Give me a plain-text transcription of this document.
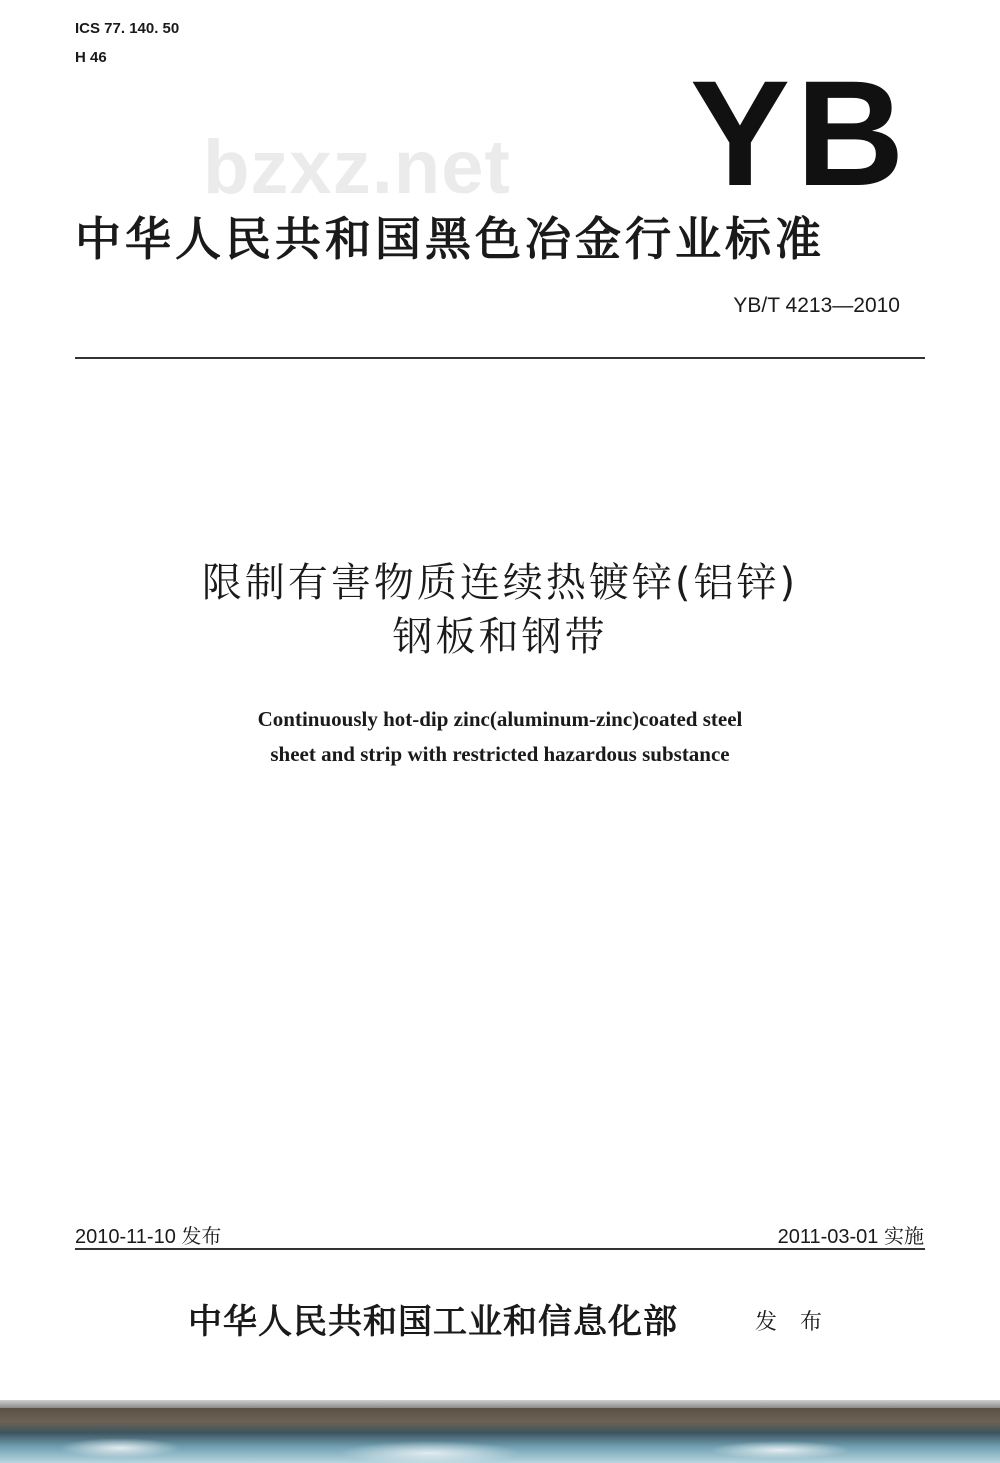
ICS 77. 140. 50
H 46
bzxz.net YB
中华人民共和国黑色冶金行业标准
YB/T 4213—2010
限制有害物质连续热镀锌(铝锌)
钢板和钢带
Continuously hot-dip zinc(aluminum-zinc)coated steel
sheet and strip with restricted hazardous substance
2010-11-10 发布	2011-03-01 实施
中华人民共和国工业和信息化部	发 布
